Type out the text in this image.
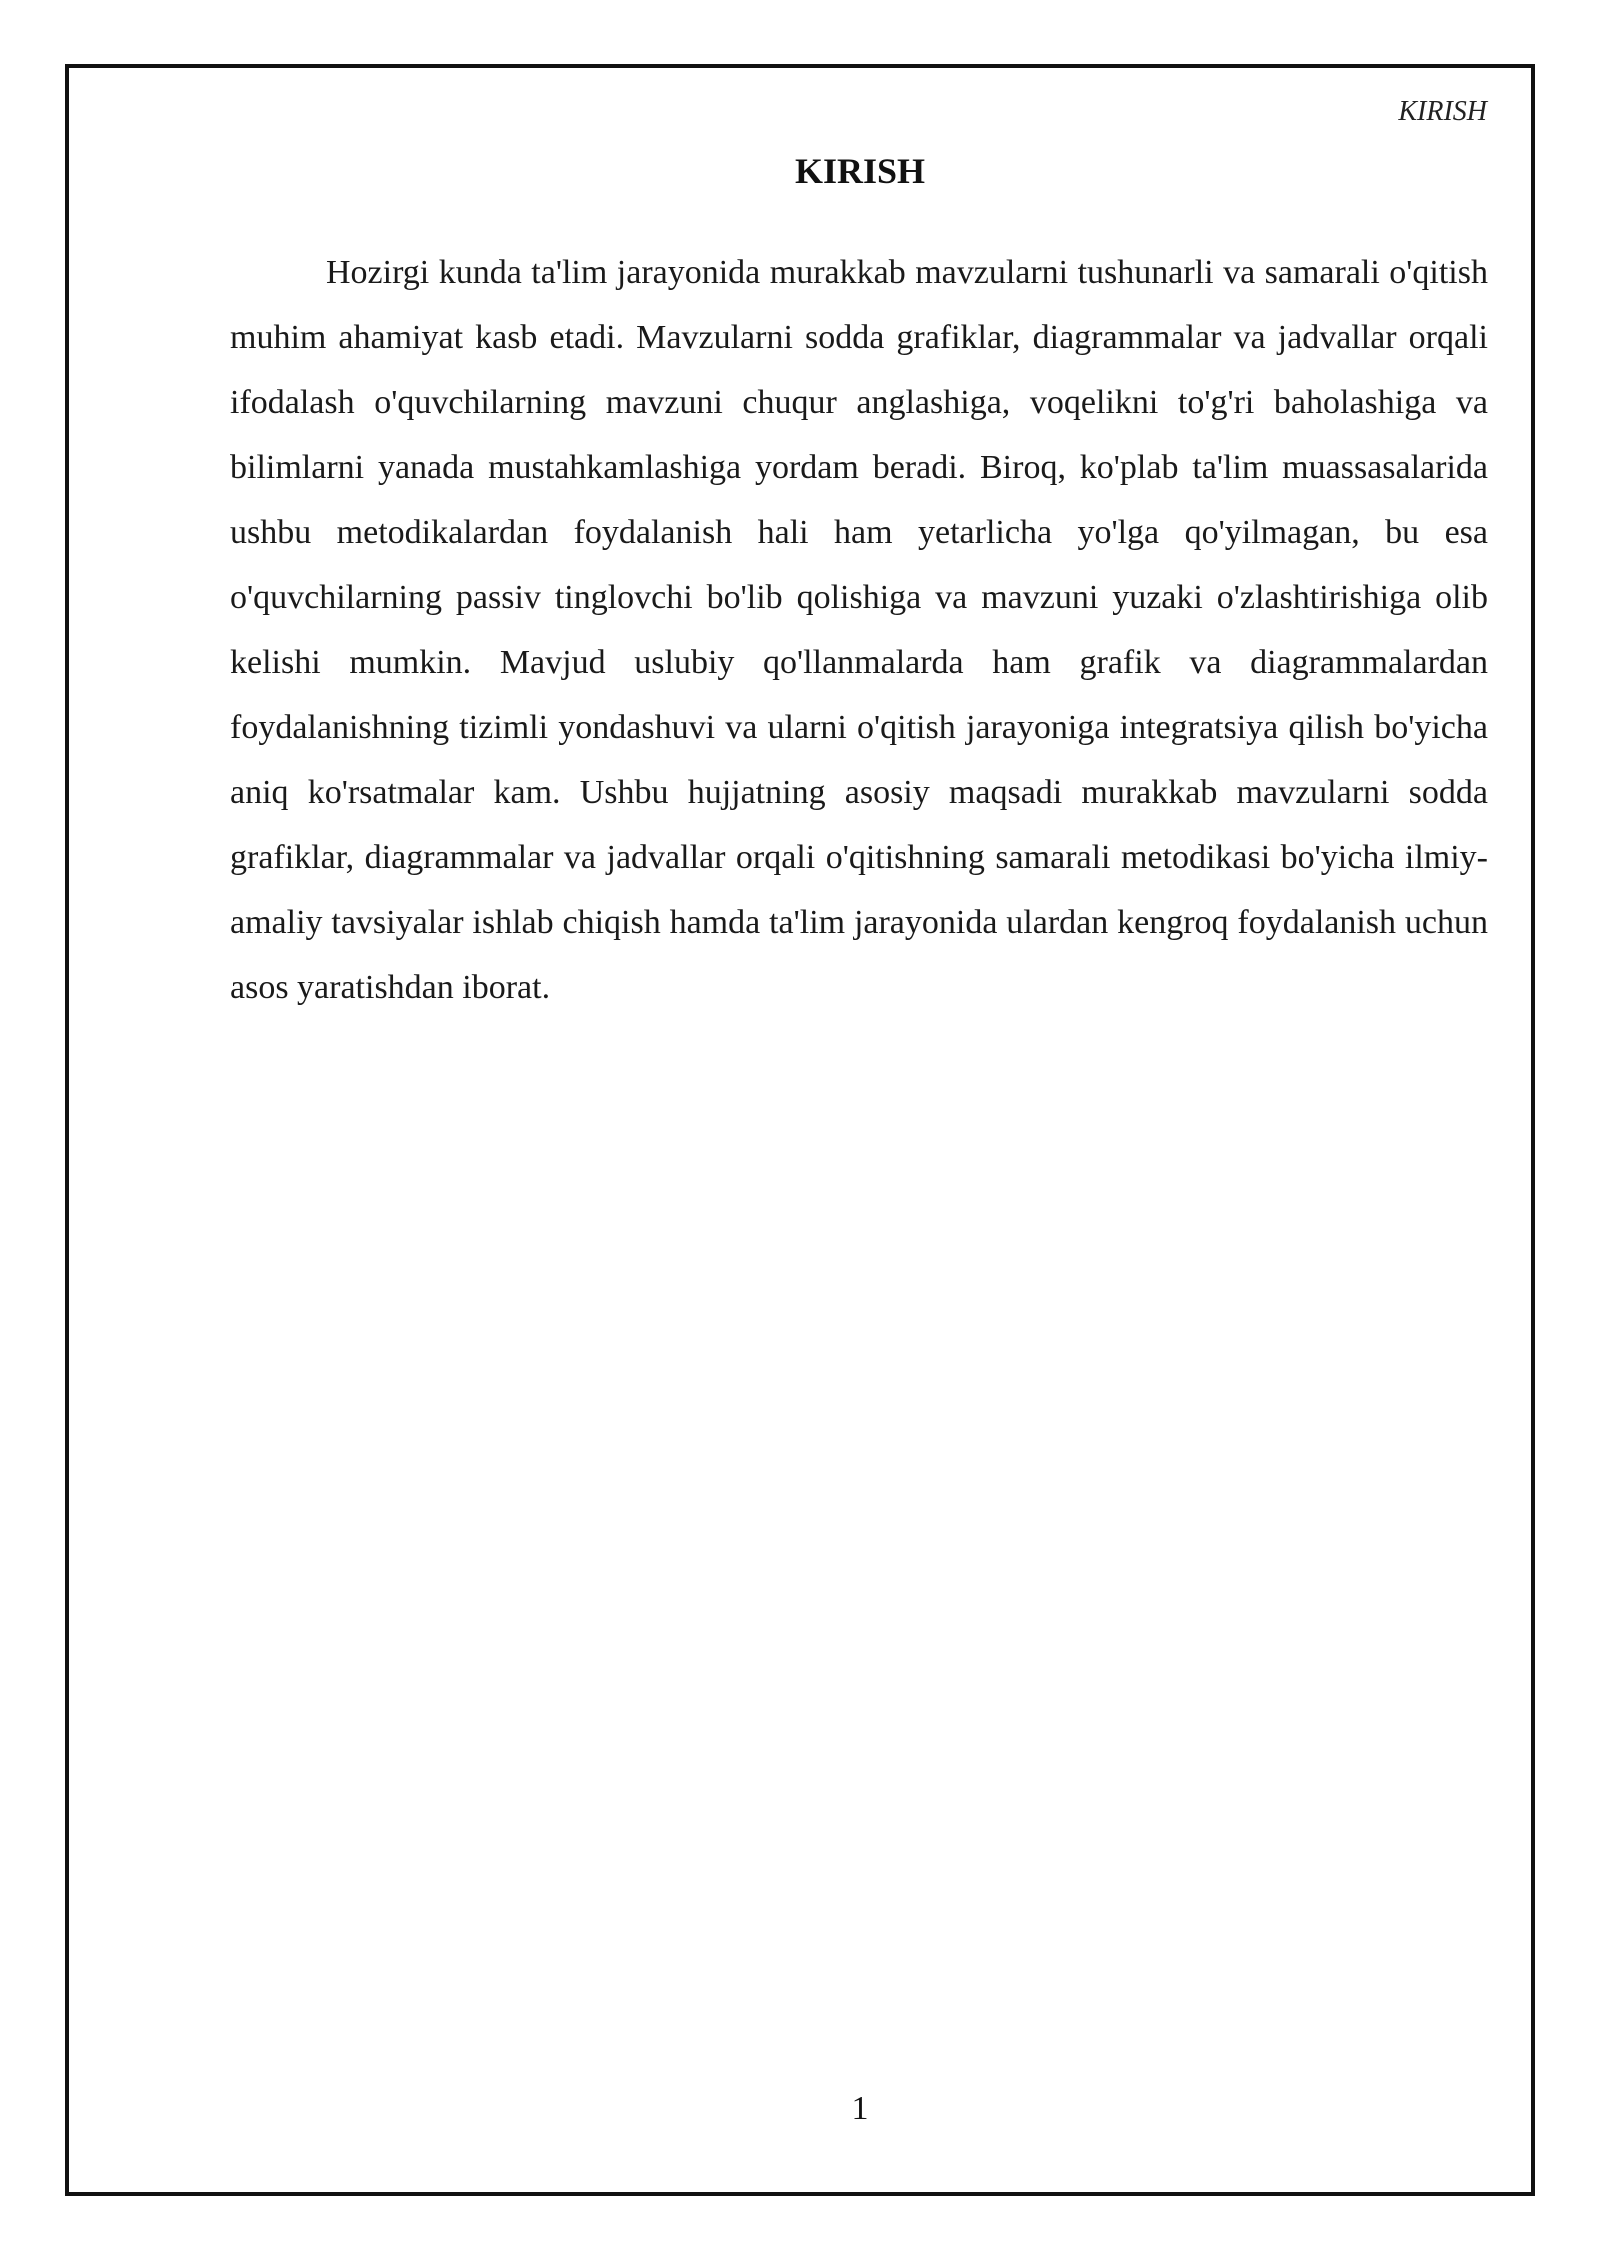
KIRISH

KIRISH

Hozirgi kunda ta'lim jarayonida murakkab mavzularni tushunarli va samarali o'qitish muhim ahamiyat kasb etadi. Mavzularni sodda grafiklar, diagrammalar va jadvallar orqali ifodalash o'quvchilarning mavzuni chuqur anglashiga, voqelikni to'g'ri baholashiga va bilimlarni yanada mustahkamlashiga yordam beradi. Biroq, ko'plab ta'lim muassasalarida ushbu metodikalardan foydalanish hali ham yetarlicha yo'lga qo'yilmagan, bu esa o'quvchilarning passiv tinglovchi bo'lib qolishiga va mavzuni yuzaki o'zlashtirishiga olib kelishi mumkin. Mavjud uslubiy qo'llanmalarda ham grafik va diagrammalardan foydalanishning tizimli yondashuvi va ularni o'qitish jarayoniga integratsiya qilish bo'yicha aniq ko'rsatmalar kam. Ushbu hujjatning asosiy maqsadi murakkab mavzularni sodda grafiklar, diagrammalar va jadvallar orqali o'qitishning samarali metodikasi bo'yicha ilmiy-amaliy tavsiyalar ishlab chiqish hamda ta'lim jarayonida ulardan kengroq foydalanish uchun asos yaratishdan iborat.

1
